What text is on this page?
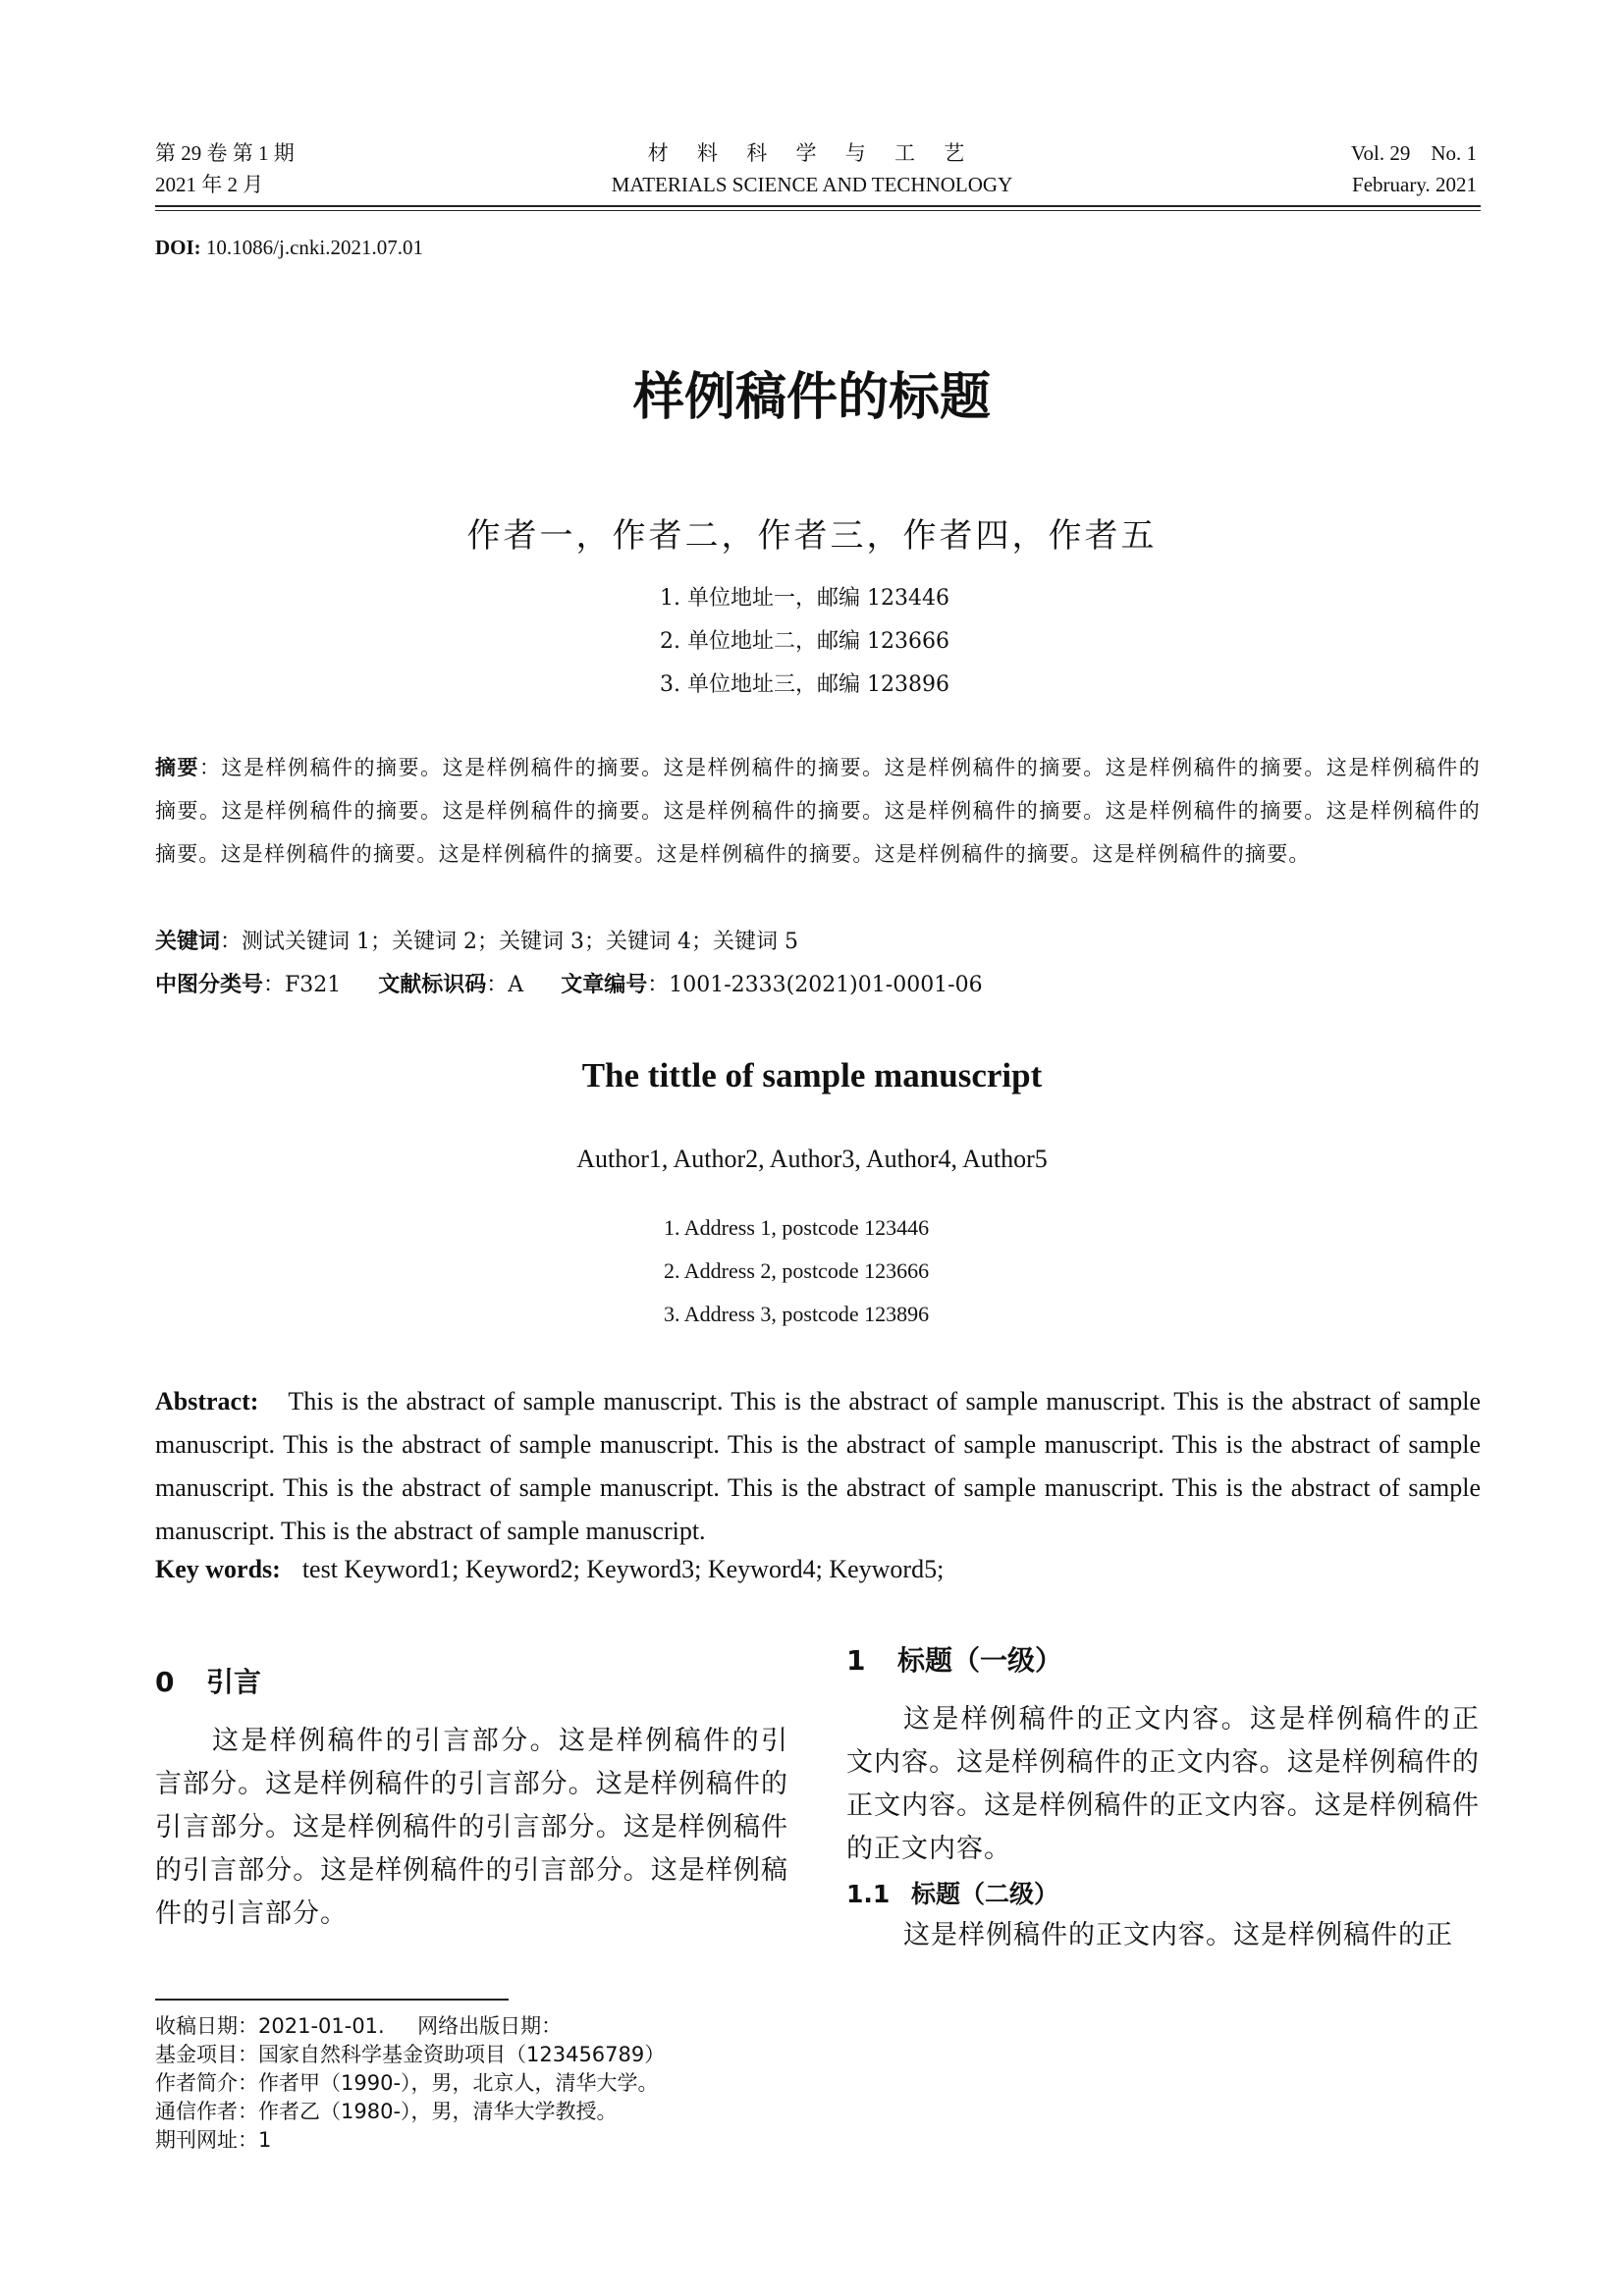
第 29 卷 第 1 期
2021 年 2 月
材 料 科 学 与 工 艺
MATERIALS SCIENCE AND TECHNOLOGY
Vol. 29    No. 1
February. 2021
DOI: 10.1086/j.cnki.2021.07.01
样例稿件的标题
作者一，作者二，作者三，作者四，作者五
1. 单位地址一，邮编 123446
2. 单位地址二，邮编 123666
3. 单位地址三，邮编 123896
摘要：这是样例稿件的摘要。这是样例稿件的摘要。这是样例稿件的摘要。这是样例稿件的摘要。这是样例稿件的摘要。这是样例稿件的摘要。这是样例稿件的摘要。这是样例稿件的摘要。这是样例稿件的摘要。这是样例稿件的摘要。这是样例稿件的摘要。这是样例稿件的摘要。这是样例稿件的摘要。这是样例稿件的摘要。这是样例稿件的摘要。这是样例稿件的摘要。这是样例稿件的摘要。
关键词：测试关键词 1；关键词 2；关键词 3；关键词 4；关键词 5
中图分类号：F321 文献标识码：A 文章编号：1001-2333(2021)01-0001-06
The tittle of sample manuscript
Author1, Author2, Author3, Author4, Author5
1. Address 1, postcode 123446
2. Address 2, postcode 123666
3. Address 3, postcode 123896
Abstract: This is the abstract of sample manuscript. This is the abstract of sample manuscript. This is the abstract of sample manuscript. This is the abstract of sample manuscript. This is the abstract of sample manuscript. This is the abstract of sample manuscript. This is the abstract of sample manuscript. This is the abstract of sample manuscript. This is the abstract of sample manuscript. This is the abstract of sample manuscript.
Key words: test Keyword1; Keyword2; Keyword3; Keyword4; Keyword5;
0 引言
这是样例稿件的引言部分。这是样例稿件的引言部分。这是样例稿件的引言部分。这是样例稿件的引言部分。这是样例稿件的引言部分。这是样例稿件的引言部分。这是样例稿件的引言部分。这是样例稿件的引言部分。
1 标题（一级）
这是样例稿件的正文内容。这是样例稿件的正文内容。这是样例稿件的正文内容。这是样例稿件的正文内容。这是样例稿件的正文内容。这是样例稿件的正文内容。
1.1 标题（二级）
这是样例稿件的正文内容。这是样例稿件的正
收稿日期：2021-01-01.     网络出版日期：
基金项目：国家自然科学基金资助项目（123456789）
作者简介：作者甲（1990-），男，北京人，清华大学。
通信作者：作者乙（1980-），男，清华大学教授。
期刊网址：1
